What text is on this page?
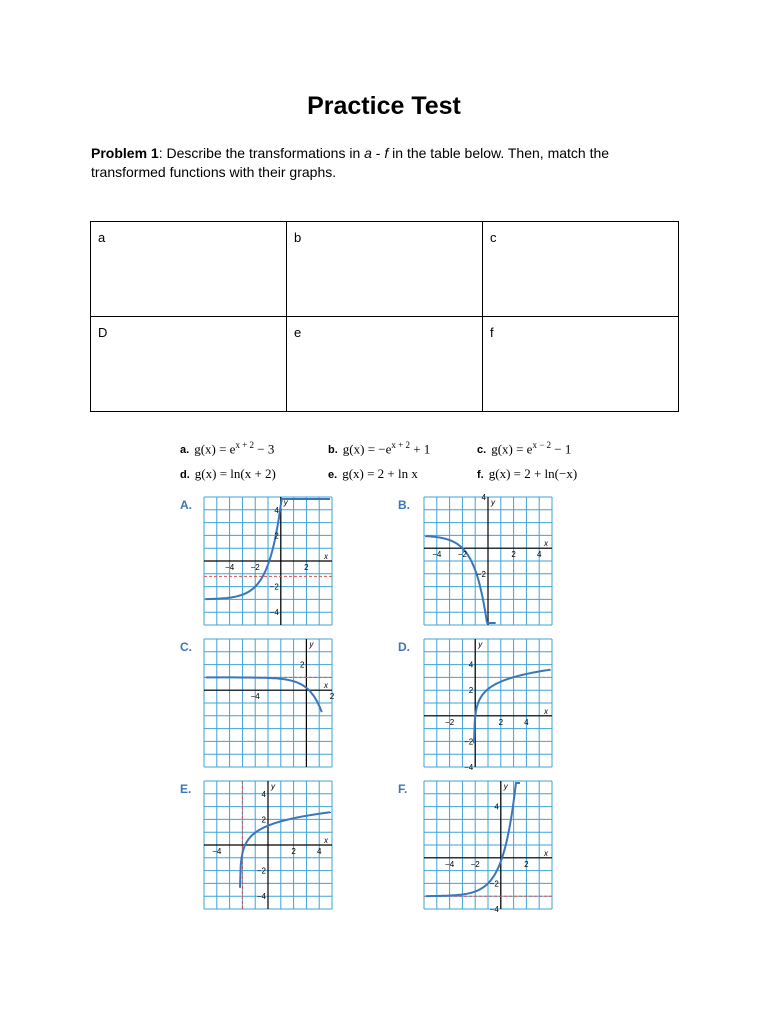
Practice Test

Problem 1: Describe the transformations in a - f in the table below. Then, match the transformed functions with their graphs.

a	b	c
D	e	f
a. $g(x) = e^{x + 2} - 3$	b. $g(x) = -e^{x + 2} + 1$	c. $g(x) = e^{x - 2} - 1$
d. g(x) = ln(x + 2)	e. g(x) = 2 + ln x	f. g(x) = 2 + ln(−x)
A.	B.
C.	D.
E.	F.
−4 −2	2
4
2
−2
−4
x
y
−4 −2	2	4
4
−2
x
y
−4	2
2
x
y
−2	2	4
4
2
−2
−4
x
y
−4	2	4
4
2
−2
−4
x
y
−4 −2	2
4
−2
−4
x
y
